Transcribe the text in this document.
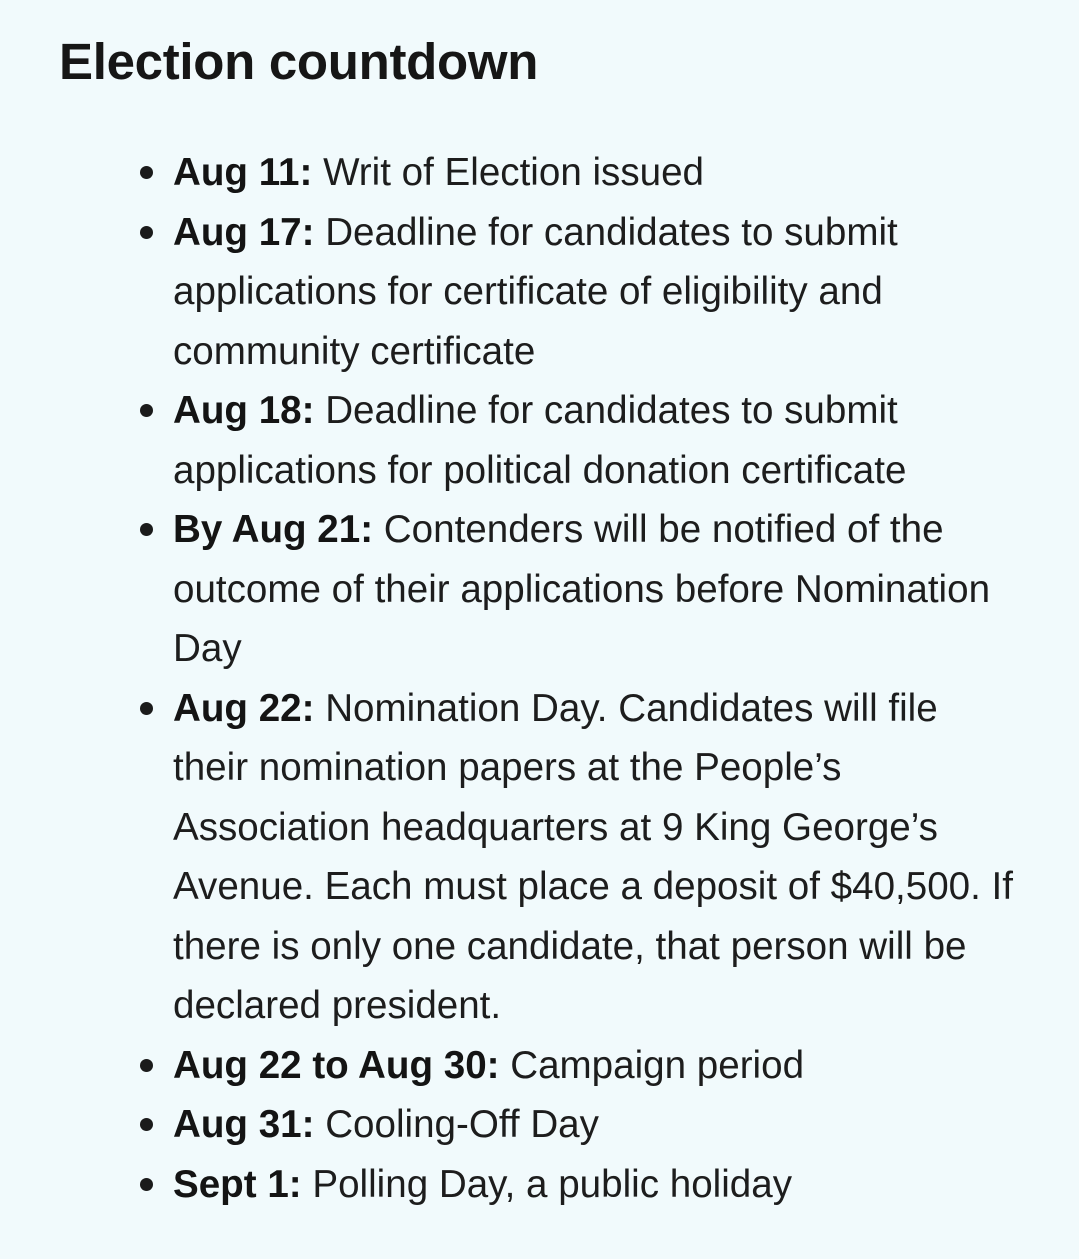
Election countdown
Aug 11: Writ of Election issued
Aug 17: Deadline for candidates to submit applications for certificate of eligibility and community certificate
Aug 18: Deadline for candidates to submit applications for political donation certificate
By Aug 21: Contenders will be notified of the outcome of their applications before Nomination Day
Aug 22: Nomination Day. Candidates will file their nomination papers at the People’s Association headquarters at 9 King George’s Avenue. Each must place a deposit of $40,500. If there is only one candidate, that person will be declared president.
Aug 22 to Aug 30: Campaign period
Aug 31: Cooling-Off Day
Sept 1: Polling Day, a public holiday
